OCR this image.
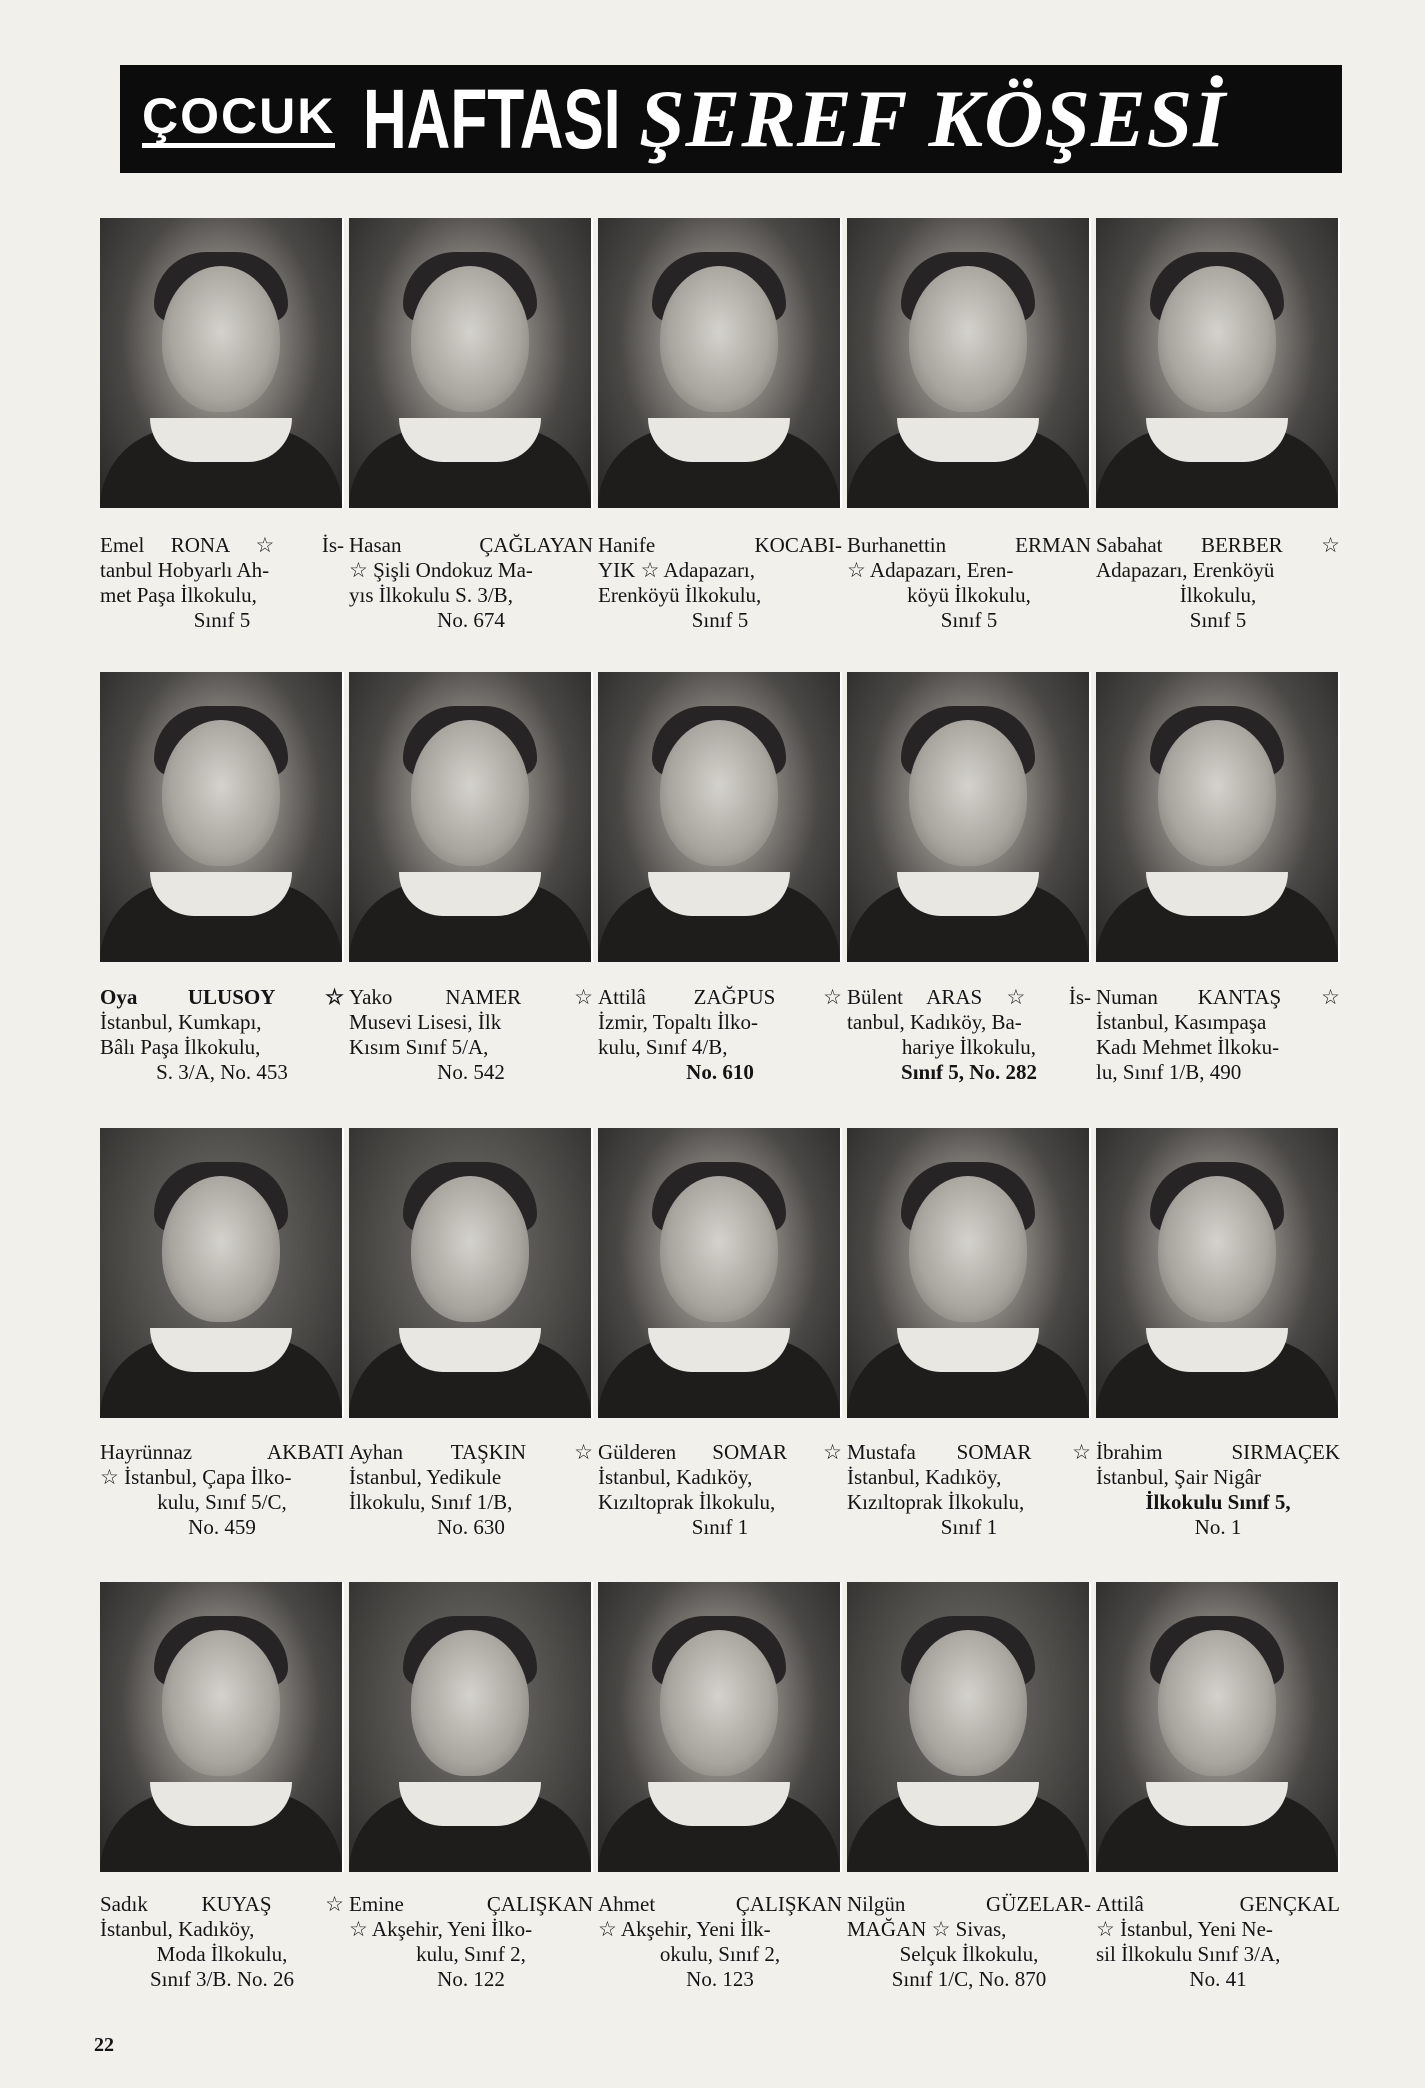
ÇOCUK HAFTASI ŞEREF KÖŞESİ

Emel RONA ☆ İs-

tanbul Hobyarlı Ah-

met Paşa İlkokulu,

Sınıf 5

Hasan ÇAĞLAYAN

☆ Şişli Ondokuz Ma-

yıs İlkokulu S. 3/B,

No. 674

Hanife KOCABI-

YIK ☆ Adapazarı,

Erenköyü İlkokulu,

Sınıf 5

Burhanettin ERMAN

☆ Adapazarı, Eren-

köyü İlkokulu,

Sınıf 5

Sabahat BERBER ☆

Adapazarı, Erenköyü

İlkokulu,

Sınıf 5

Oya ULUSOY ☆

İstanbul, Kumkapı,

Bâlı Paşa İlkokulu,

S. 3/A, No. 453

Yako NAMER ☆

Musevi Lisesi, İlk

Kısım Sınıf 5/A,

No. 542

Attilâ ZAĞPUS ☆

İzmir, Topaltı İlko-

kulu, Sınıf 4/B,

No. 610

Bülent ARAS ☆ İs-

tanbul, Kadıköy, Ba-

hariye İlkokulu,

Sınıf 5, No. 282

Numan KANTAŞ ☆

İstanbul, Kasımpaşa

Kadı Mehmet İlkoku-

lu, Sınıf 1/B, 490

Hayrünnaz AKBATI

☆ İstanbul, Çapa İlko-

kulu, Sınıf 5/C,

No. 459

Ayhan TAŞKIN ☆

İstanbul, Yedikule

İlkokulu, Sınıf 1/B,

No. 630

Gülderen SOMAR ☆

İstanbul, Kadıköy,

Kızıltoprak İlkokulu,

Sınıf 1

Mustafa SOMAR ☆

İstanbul, Kadıköy,

Kızıltoprak İlkokulu,

Sınıf 1

İbrahim SIRMAÇEK

İstanbul, Şair Nigâr

İlkokulu Sınıf 5,

No. 1

Sadık KUYAŞ ☆

İstanbul, Kadıköy,

Moda İlkokulu,

Sınıf 3/B. No. 26

Emine ÇALIŞKAN

☆ Akşehir, Yeni İlko-

kulu, Sınıf 2,

No. 122

Ahmet ÇALIŞKAN

☆ Akşehir, Yeni İlk-

okulu, Sınıf 2,

No. 123

Nilgün GÜZELAR-

MAĞAN ☆ Sivas,

Selçuk İlkokulu,

Sınıf 1/C, No. 870

Attilâ GENÇKAL

☆ İstanbul, Yeni Ne-

sil İlkokulu Sınıf 3/A,

No. 41

22
